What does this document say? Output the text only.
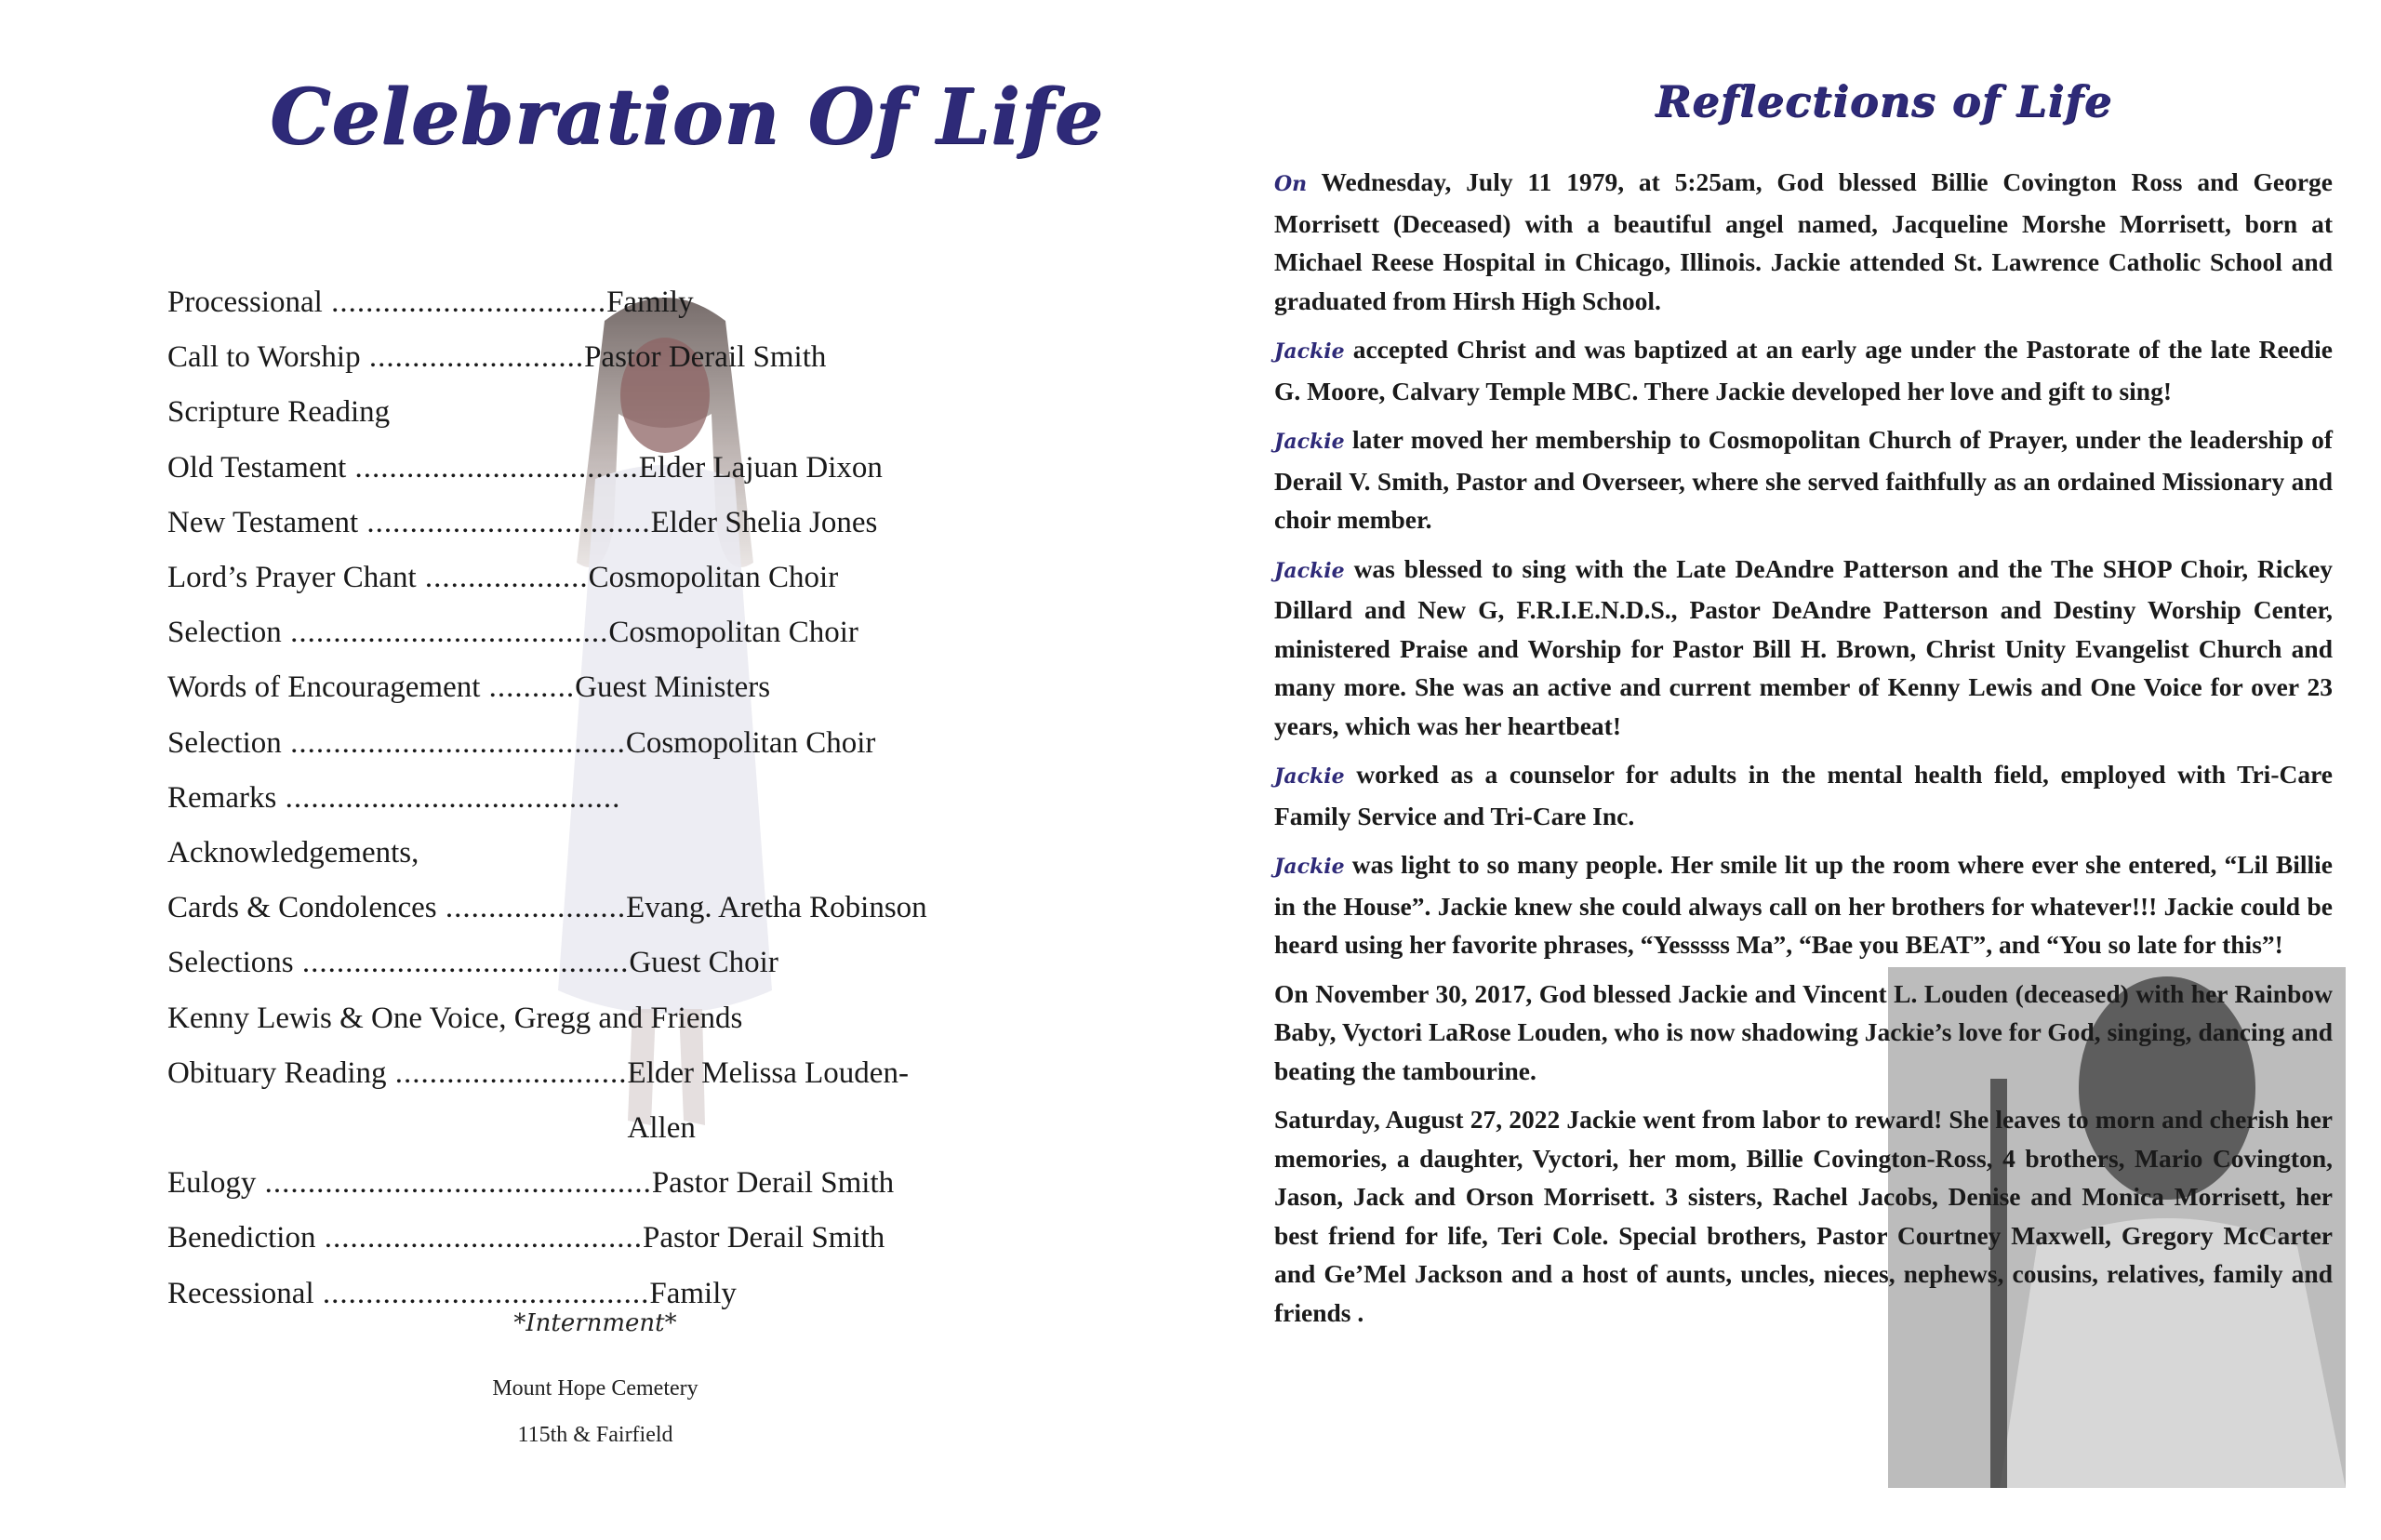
Celebration Of Life
Processional ................................ Family
Call to Worship ......................... Pastor Derail Smith
Scripture Reading
Old Testament ................................. Elder Lajuan Dixon
New Testament ................................. Elder Shelia Jones
Lord’s Prayer Chant ................... Cosmopolitan Choir
Selection ..................................... Cosmopolitan Choir
Words of Encouragement .......... Guest Ministers
Selection ....................................... Cosmopolitan Choir
Remarks .......................................
Acknowledgements,
Cards & Condolences ..................... Evang. Aretha Robinson
Selections ...................................... Guest Choir
Kenny Lewis & One Voice, Gregg and Friends
Obituary Reading ........................... Elder Melissa Louden-Allen
Eulogy ............................................. Pastor Derail Smith
Benediction ..................................... Pastor Derail Smith
Recessional ...................................... Family
*Internment*
Mount Hope Cemetery
115th & Fairfield
Reflections of Life

On Wednesday, July 11 1979, at 5:25am, God blessed Billie Covington Ross and George Morrisett (Deceased) with a beautiful angel named, Jacqueline Morshe Morrisett, born at Michael Reese Hospital in Chicago, Illinois. Jackie attended St. Lawrence Catholic School and graduated from Hirsh High School.

Jackie accepted Christ and was baptized at an early age under the Pastorate of the late Reedie G. Moore, Calvary Temple MBC. There Jackie developed her love and gift to sing!

Jackie later moved her membership to Cosmopolitan Church of Prayer, under the leadership of Derail V. Smith, Pastor and Overseer, where she served faithfully as an ordained Missionary and choir member.

Jackie was blessed to sing with the Late DeAndre Patterson and the The SHOP Choir, Rickey Dillard and New G, F.R.I.E.N.D.S., Pastor DeAndre Patterson and Destiny Worship Center, ministered Praise and Worship for Pastor Bill H. Brown, Christ Unity Evangelist Church and many more. She was an active and current member of Kenny Lewis and One Voice for over 23 years, which was her heartbeat!

Jackie worked as a counselor for adults in the mental health field, employed with Tri-Care Family Service and Tri-Care Inc.

Jackie was light to so many people. Her smile lit up the room where ever she entered, “Lil Billie in the House”. Jackie knew she could always call on her brothers for whatever!!! Jackie could be heard using her favorite phrases, “Yesssss Ma”, “Bae you BEAT”, and “You so late for this”!

On November 30, 2017, God blessed Jackie and Vincent L. Louden (deceased) with her Rainbow Baby, Vyctori LaRose Louden, who is now shadowing Jackie’s love for God, singing, dancing and beating the tambourine.

Saturday, August 27, 2022 Jackie went from labor to reward! She leaves to morn and cherish her memories, a daughter, Vyctori, her mom, Billie Covington-Ross, 4 brothers, Mario Covington, Jason, Jack and Orson Morrisett. 3 sisters, Rachel Jacobs, Denise and Monica Morrisett, her best friend for life, Teri Cole. Special brothers, Pastor Courtney Maxwell, Gregory McCarter and Ge’Mel Jackson and a host of aunts, uncles, nieces, nephews, cousins, relatives, family and friends .
